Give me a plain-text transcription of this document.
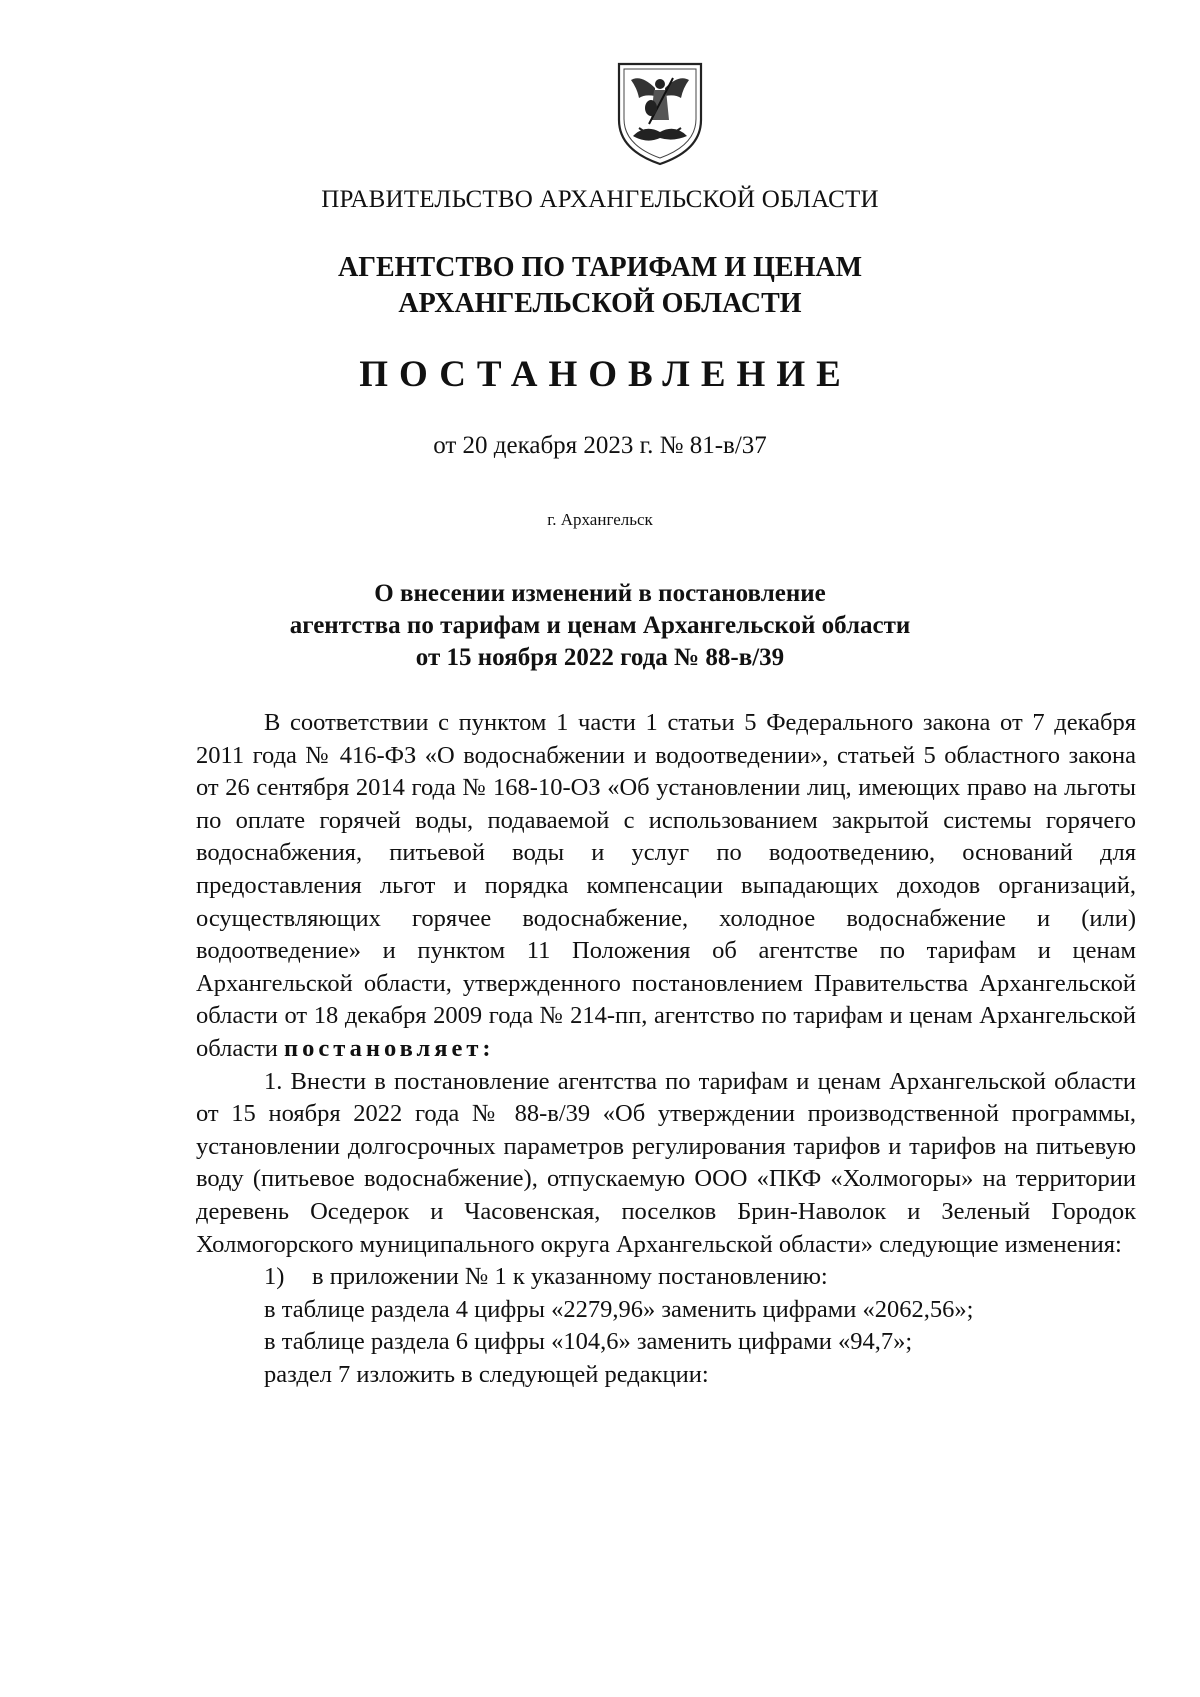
ПРАВИТЕЛЬСТВО АРХАНГЕЛЬСКОЙ ОБЛАСТИ
АГЕНТСТВО ПО ТАРИФАМ И ЦЕНАМ
АРХАНГЕЛЬСКОЙ ОБЛАСТИ
ПОСТАНОВЛЕНИЕ
от 20 декабря 2023 г. № 81-в/37
г. Архангельск
О внесении изменений в постановление
агентства по тарифам и ценам Архангельской области
от 15 ноября 2022 года № 88-в/39

В соответствии с пунктом 1 части 1 статьи 5 Федерального закона от 7 декабря 2011 года № 416-ФЗ «О водоснабжении и водоотведении», статьей 5 областного закона от 26 сентября 2014 года № 168-10-ОЗ «Об установлении лиц, имеющих право на льготы по оплате горячей воды, подаваемой с использованием закрытой системы горячего водоснабжения, питьевой воды и услуг по водоотведению, оснований для предоставления льгот и порядка компенсации выпадающих доходов организаций, осуществляющих горячее водоснабжение, холодное водоснабжение и (или) водоотведение» и пунктом 11 Положения об агентстве по тарифам и ценам Архангельской области, утвержденного постановлением Правительства Архангельской области от 18 декабря 2009 года № 214-пп, агентство по тарифам и ценам Архангельской области постановляет:

1. Внести в постановление агентства по тарифам и ценам Архангельской области от 15 ноября 2022 года № 88-в/39 «Об утверждении производственной программы, установлении долгосрочных параметров регулирования тарифов и тарифов на питьевую воду (питьевое водоснабжение), отпускаемую ООО «ПКФ «Холмогоры» на территории деревень Оседерок и Часовенская, поселков Брин-Наволок и Зеленый Городок Холмогорского муниципального округа Архангельской области» следующие изменения:

1) в приложении № 1 к указанному постановлению:
в таблице раздела 4 цифры «2279,96» заменить цифрами «2062,56»;
в таблице раздела 6 цифры «104,6» заменить цифрами «94,7»;
раздел 7 изложить в следующей редакции:
